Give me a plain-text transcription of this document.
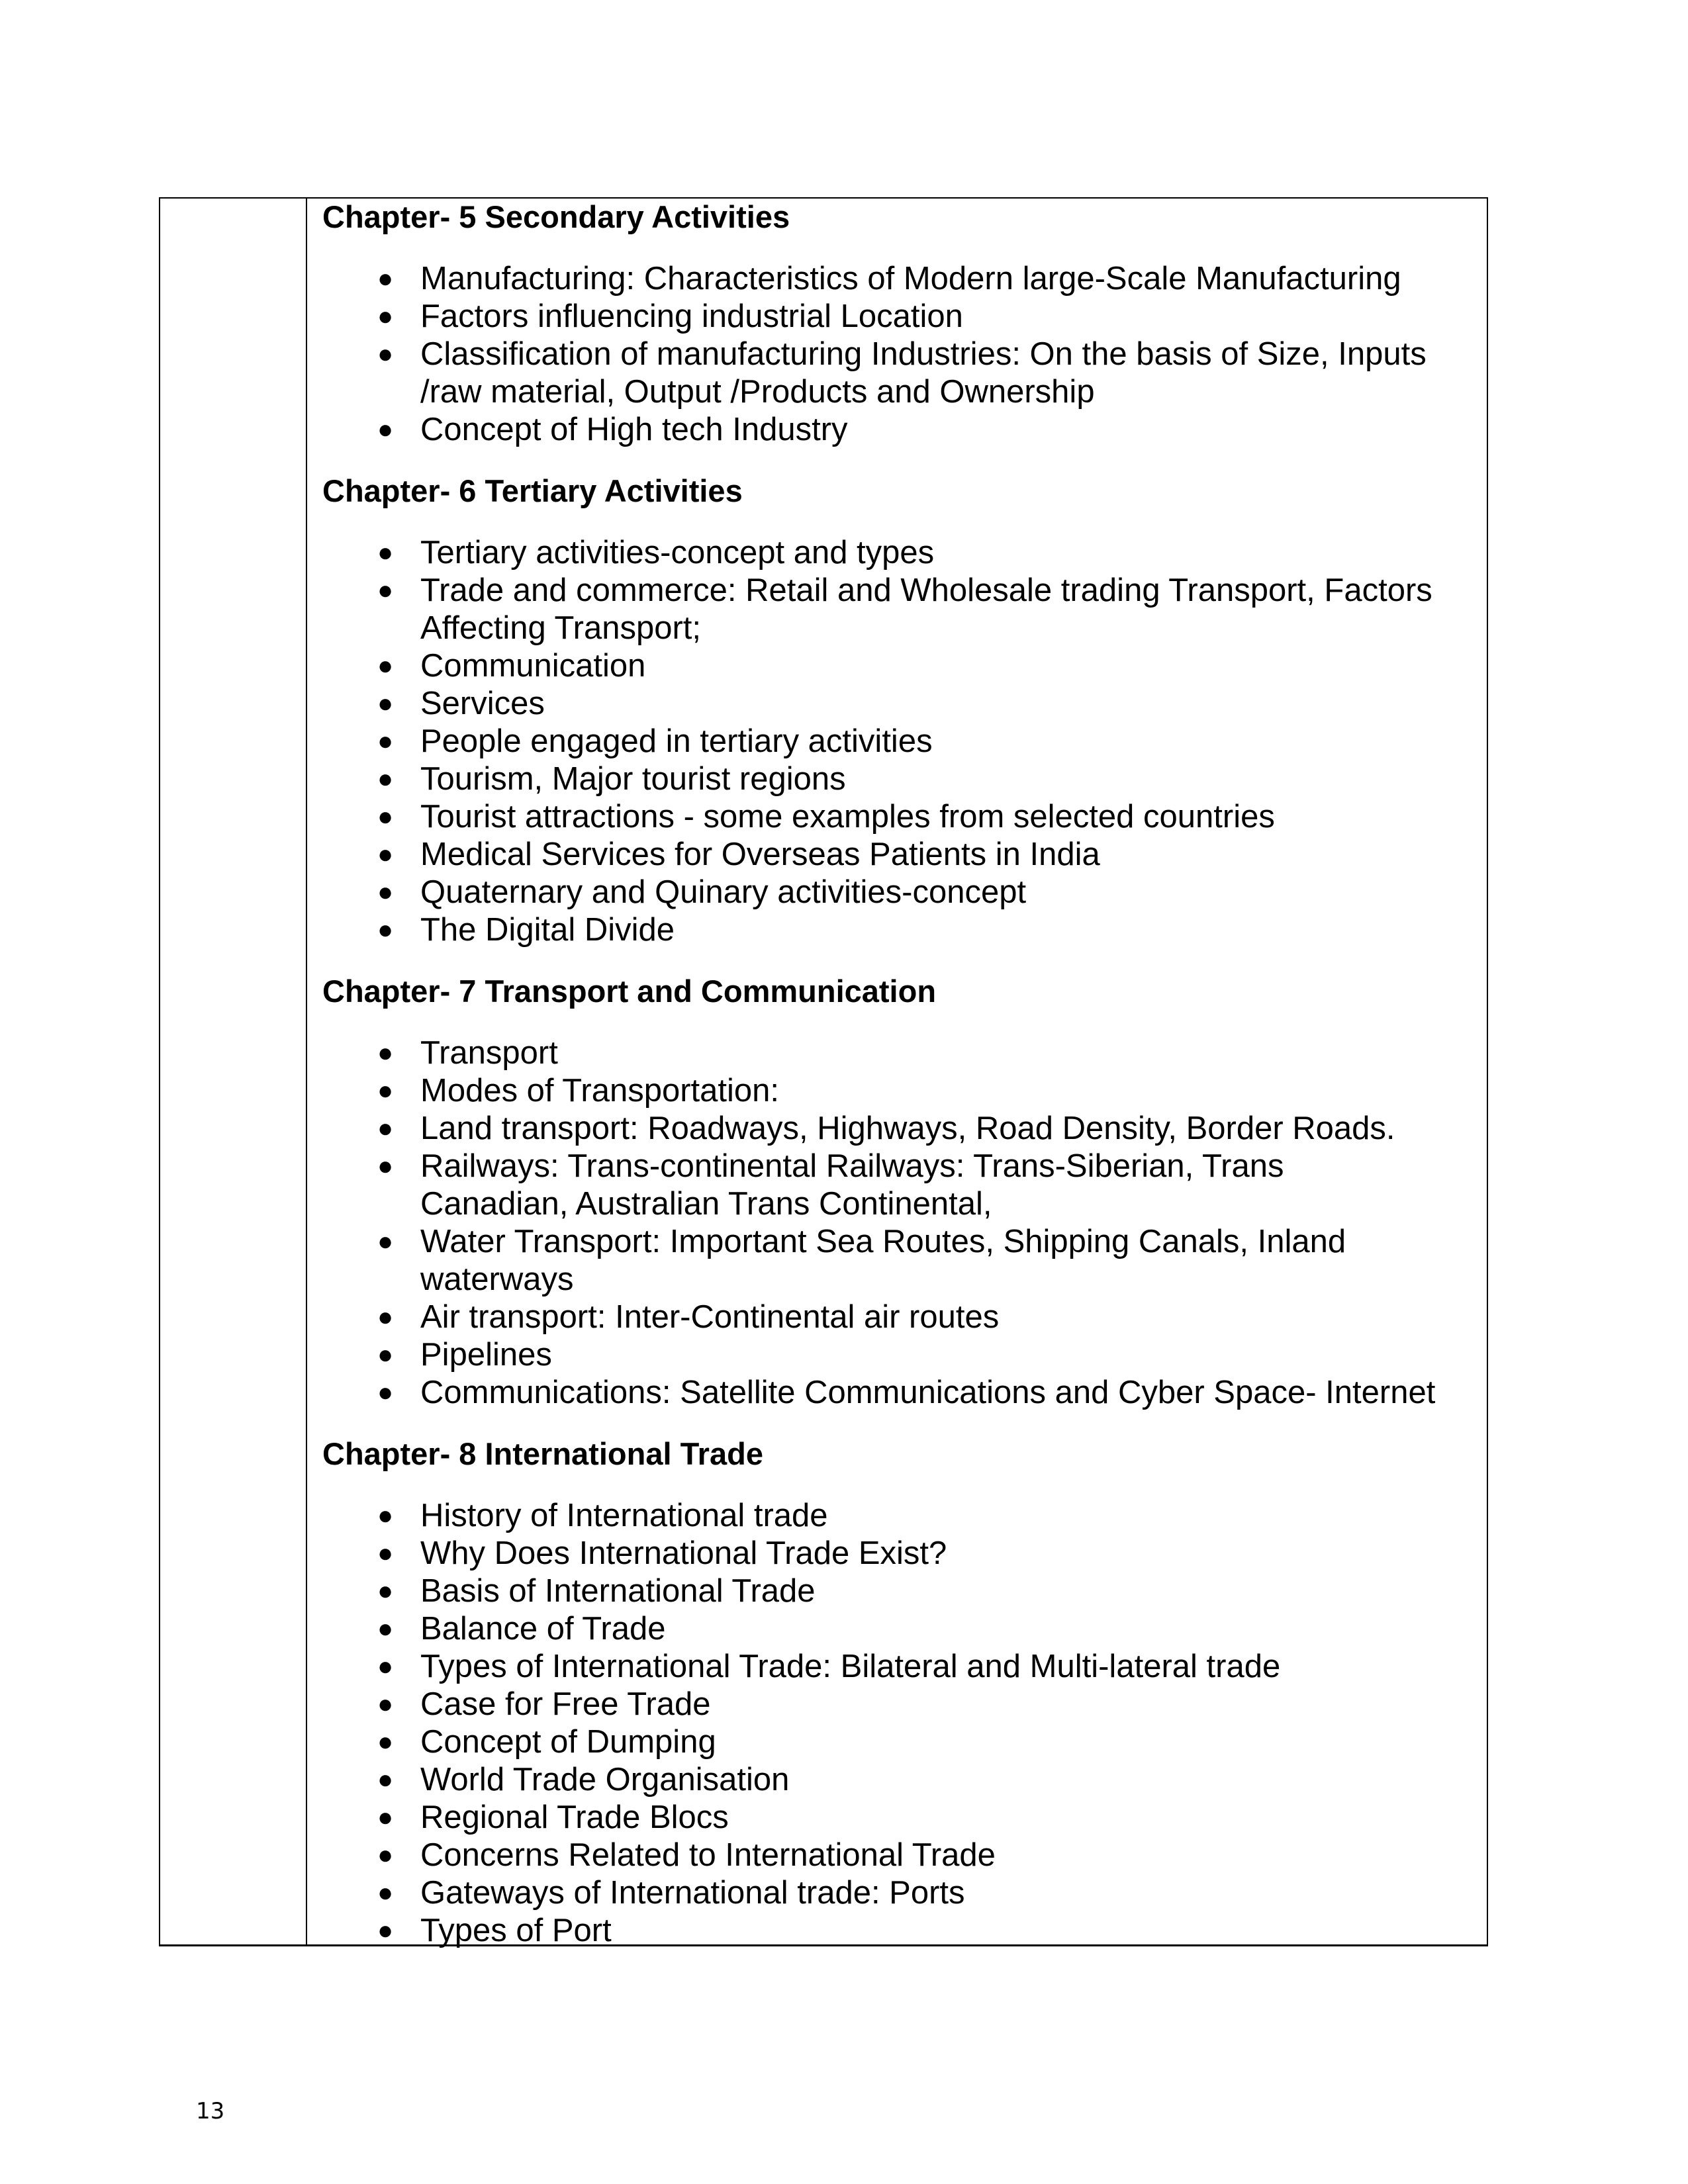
Chapter- 5 Secondary Activities
● Manufacturing: Characteristics of Modern large-Scale Manufacturing
● Factors influencing industrial Location
● Classification of manufacturing Industries: On the basis of Size, Inputs
/raw material, Output /Products and Ownership
● Concept of High tech Industry
Chapter- 6 Tertiary Activities
● Tertiary activities-concept and types
● Trade and commerce: Retail and Wholesale trading Transport, Factors
Affecting Transport;
● Communication
● Services
● People engaged in tertiary activities
● Tourism, Major tourist regions
● Tourist attractions - some examples from selected countries
● Medical Services for Overseas Patients in India
● Quaternary and Quinary activities-concept
● The Digital Divide
Chapter- 7 Transport and Communication
● Transport
● Modes of Transportation:
● Land transport: Roadways, Highways, Road Density, Border Roads.
● Railways: Trans-continental Railways: Trans-Siberian, Trans
Canadian, Australian Trans Continental,
● Water Transport: Important Sea Routes, Shipping Canals, Inland
waterways
● Air transport: Inter-Continental air routes
● Pipelines
● Communications: Satellite Communications and Cyber Space- Internet
Chapter- 8 International Trade
● History of International trade
● Why Does International Trade Exist?
● Basis of International Trade
● Balance of Trade
● Types of International Trade: Bilateral and Multi-lateral trade
● Case for Free Trade
● Concept of Dumping
● World Trade Organisation
● Regional Trade Blocs
● Concerns Related to International Trade
● Gateways of International trade: Ports
● Types of Port
13
